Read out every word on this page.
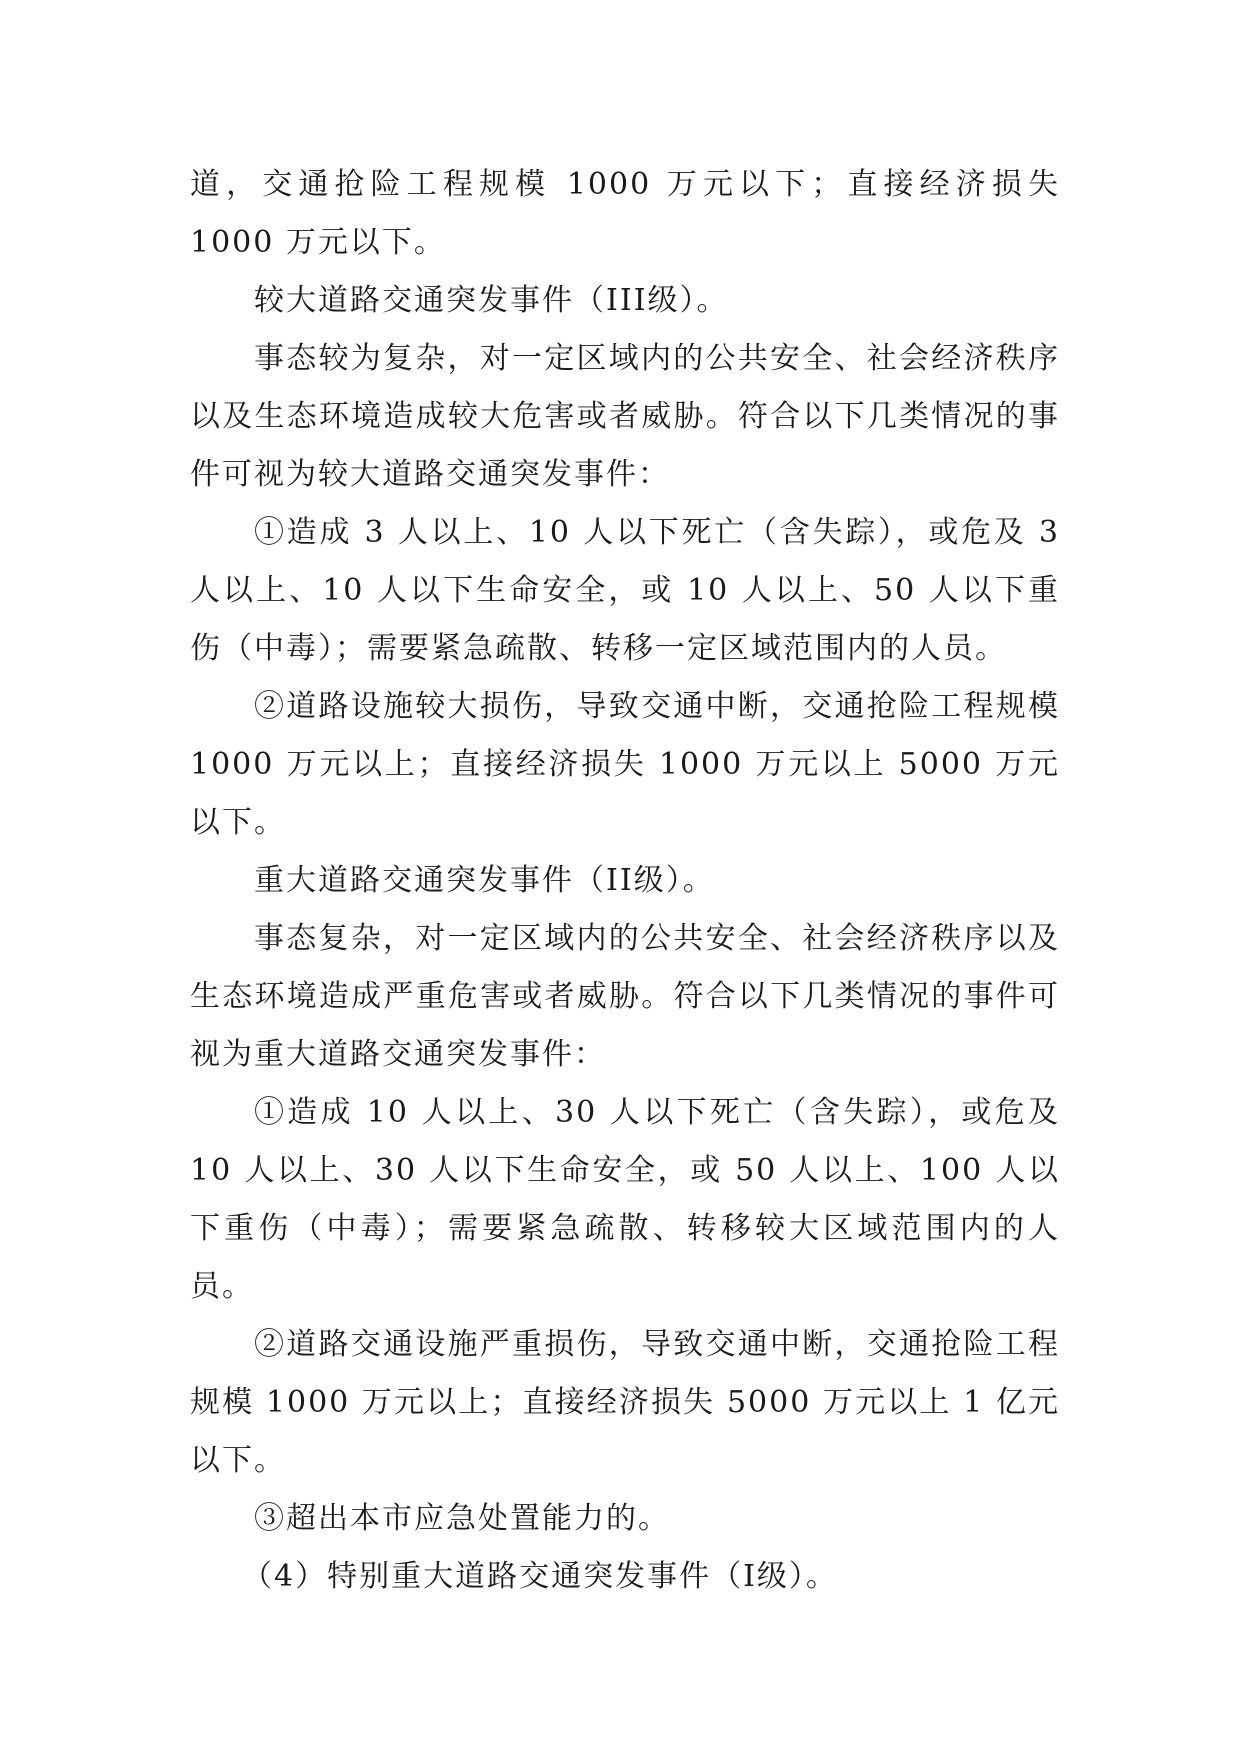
道，交通抢险工程规模 1000 万元以下；直接经济损失 1000 万元以下。

较大道路交通突发事件（III级）。

事态较为复杂，对一定区域内的公共安全、社会经济秩序以及生态环境造成较大危害或者威胁。符合以下几类情况的事件可视为较大道路交通突发事件：

①造成 3 人以上、10 人以下死亡（含失踪），或危及 3 人以上、10 人以下生命安全，或 10 人以上、50 人以下重伤（中毒）；需要紧急疏散、转移一定区域范围内的人员。

②道路设施较大损伤，导致交通中断，交通抢险工程规模 1000 万元以上；直接经济损失 1000 万元以上 5000 万元以下。

重大道路交通突发事件（II级）。

事态复杂，对一定区域内的公共安全、社会经济秩序以及生态环境造成严重危害或者威胁。符合以下几类情况的事件可视为重大道路交通突发事件：

①造成 10 人以上、30 人以下死亡（含失踪），或危及 10 人以上、30 人以下生命安全，或 50 人以上、100 人以下重伤（中毒）；需要紧急疏散、转移较大区域范围内的人员。

②道路交通设施严重损伤，导致交通中断，交通抢险工程规模 1000 万元以上；直接经济损失 5000 万元以上 1 亿元以下。

③超出本市应急处置能力的。

（4）特别重大道路交通突发事件（I级）。
